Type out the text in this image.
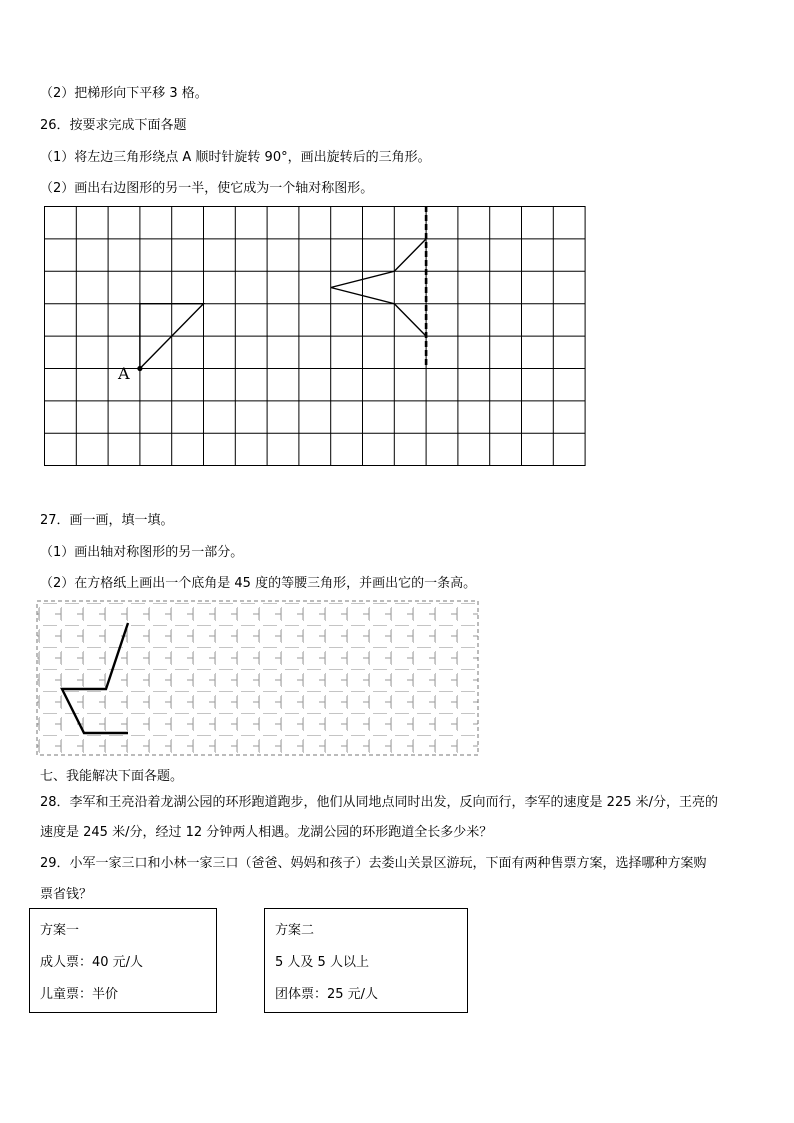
（2）把梯形向下平移 3 格。
26．按要求完成下面各题
（1）将左边三角形绕点 A 顺时针旋转 90°，画出旋转后的三角形。
（2）画出右边图形的另一半，使它成为一个轴对称图形。
A
27．画一画，填一填。
（1）画出轴对称图形的另一部分。
（2）在方格纸上画出一个底角是 45 度的等腰三角形，并画出它的一条高。
七、我能解决下面各题。
28．李军和王亮沿着龙湖公园的环形跑道跑步，他们从同地点同时出发，反向而行，李军的速度是 225 米/分，王亮的
速度是 245 米/分，经过 12 分钟两人相遇。龙湖公园的环形跑道全长多少米？
29．小军一家三口和小林一家三口（爸爸、妈妈和孩子）去娄山关景区游玩，下面有两种售票方案，选择哪种方案购
票省钱？
方案一
成人票：40 元/人
儿童票：半价
方案二
5 人及 5 人以上
团体票：25 元/人
